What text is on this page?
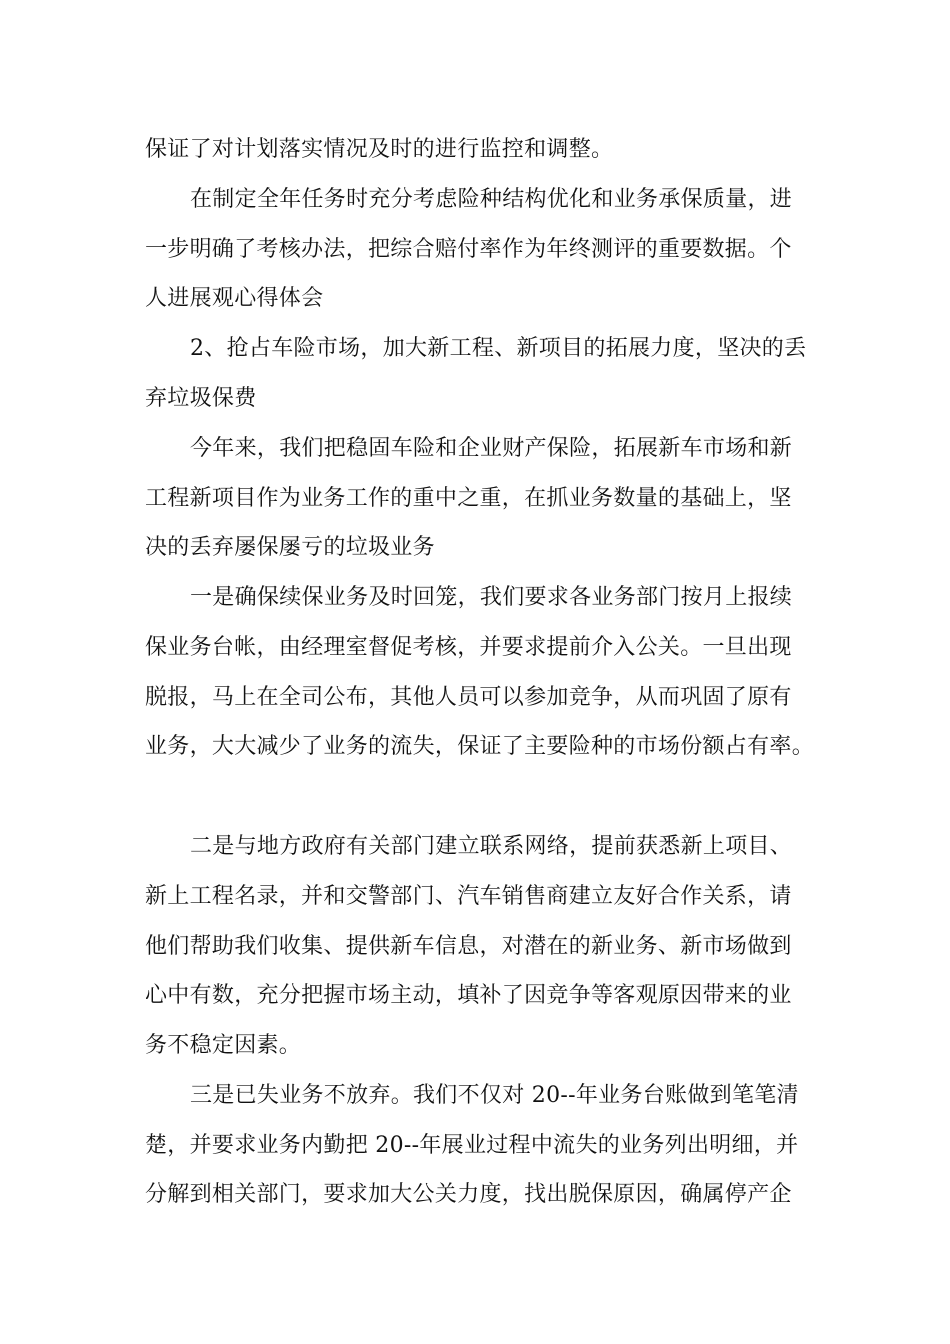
保证了对计划落实情况及时的进行监控和调整。
在制定全年任务时充分考虑险种结构优化和业务承保质量，进
一步明确了考核办法，把综合赔付率作为年终测评的重要数据。个
人进展观心得体会
2、抢占车险市场，加大新工程、新项目的拓展力度，坚决的丢
弃垃圾保费
今年来，我们把稳固车险和企业财产保险，拓展新车市场和新
工程新项目作为业务工作的重中之重，在抓业务数量的基础上，坚
决的丢弃屡保屡亏的垃圾业务
一是确保续保业务及时回笼，我们要求各业务部门按月上报续
保业务台帐，由经理室督促考核，并要求提前介入公关。一旦出现
脱报，马上在全司公布，其他人员可以参加竞争，从而巩固了原有
业务，大大减少了业务的流失，保证了主要险种的市场份额占有率。
二是与地方政府有关部门建立联系网络，提前获悉新上项目、
新上工程名录，并和交警部门、汽车销售商建立友好合作关系，请
他们帮助我们收集、提供新车信息，对潜在的新业务、新市场做到
心中有数，充分把握市场主动，填补了因竞争等客观原因带来的业
务不稳定因素。
三是已失业务不放弃。我们不仅对 20--年业务台账做到笔笔清
楚，并要求业务内勤把 20--年展业过程中流失的业务列出明细，并
分解到相关部门，要求加大公关力度，找出脱保原因，确属停产企
